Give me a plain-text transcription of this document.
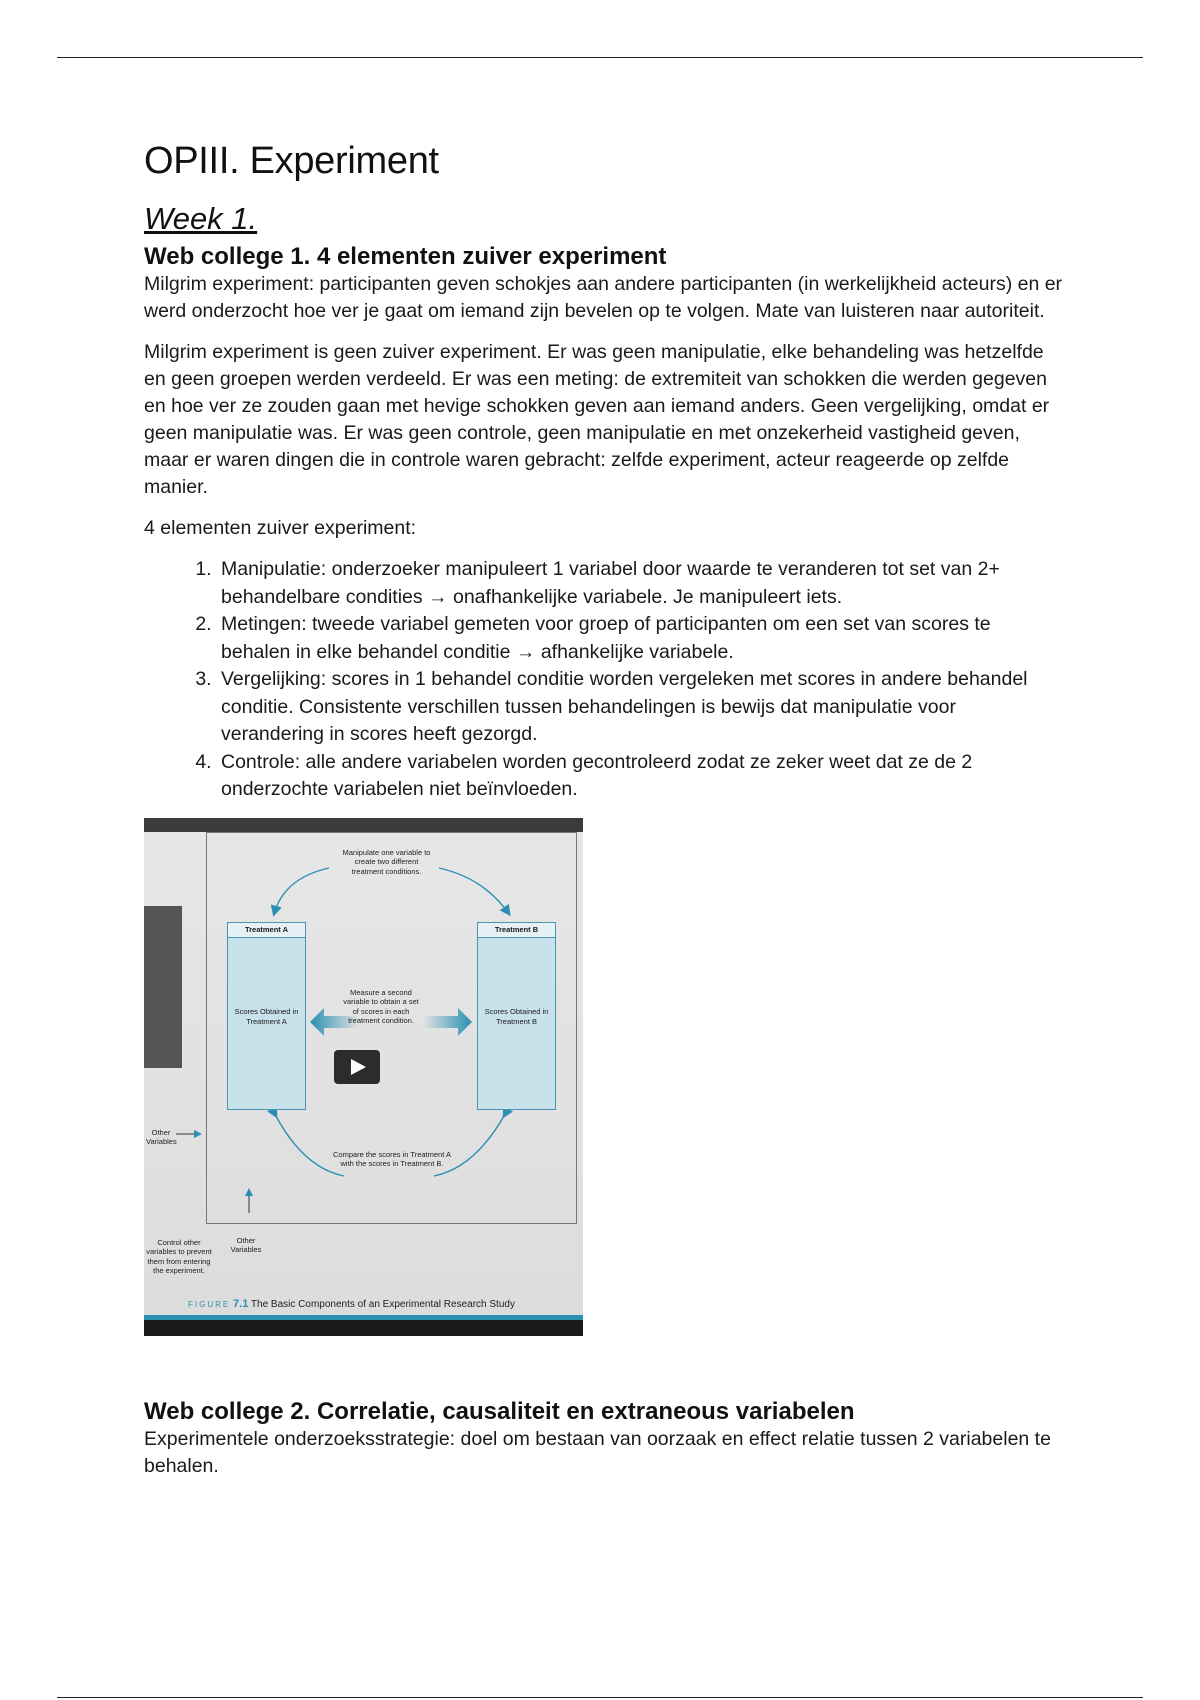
OPIII. Experiment
Week 1.
Web college 1. 4 elementen zuiver experiment

Milgrim experiment: participanten geven schokjes aan andere participanten (in werkelijkheid acteurs) en er werd onderzocht hoe ver je gaat om iemand zijn bevelen op te volgen. Mate van luisteren naar autoriteit.

Milgrim experiment is geen zuiver experiment. Er was geen manipulatie, elke behandeling was hetzelfde en geen groepen werden verdeeld. Er was een meting: de extremiteit van schokken die werden gegeven en hoe ver ze zouden gaan met hevige schokken geven aan iemand anders. Geen vergelijking, omdat er geen manipulatie was. Er was geen controle, geen manipulatie en met onzekerheid vastigheid geven, maar er waren dingen die in controle waren gebracht: zelfde experiment, acteur reageerde op zelfde manier.

4 elementen zuiver experiment:

1. Manipulatie: onderzoeker manipuleert 1 variabel door waarde te veranderen tot set van 2+ behandelbare condities → onafhankelijke variabele. Je manipuleert iets.
2. Metingen: tweede variabel gemeten voor groep of participanten om een set van scores te behalen in elke behandel conditie → afhankelijke variabele.
3. Vergelijking: scores in 1 behandel conditie worden vergeleken met scores in andere behandel conditie. Consistente verschillen tussen behandelingen is bewijs dat manipulatie voor verandering in scores heeft gezorgd.
4. Controle: alle andere variabelen worden gecontroleerd zodat ze zeker weet dat ze de 2 onderzochte variabelen niet beïnvloeden.
Manipulate one variable to create two different treatment conditions.
Treatment A
Scores Obtained in Treatment A
Treatment B
Scores Obtained in Treatment B
Measure a second variable to obtain a set of scores in each treatment condition.
Compare the scores in Treatment A with the scores in Treatment B.
Other Variables
Control other variables to prevent them from entering the experiment.
Other Variables
FIGURE 7.1 The Basic Components of an Experimental Research Study
Web college 2. Correlatie, causaliteit en extraneous variabelen

Experimentele onderzoeksstrategie: doel om bestaan van oorzaak en effect relatie tussen 2 variabelen te behalen.
